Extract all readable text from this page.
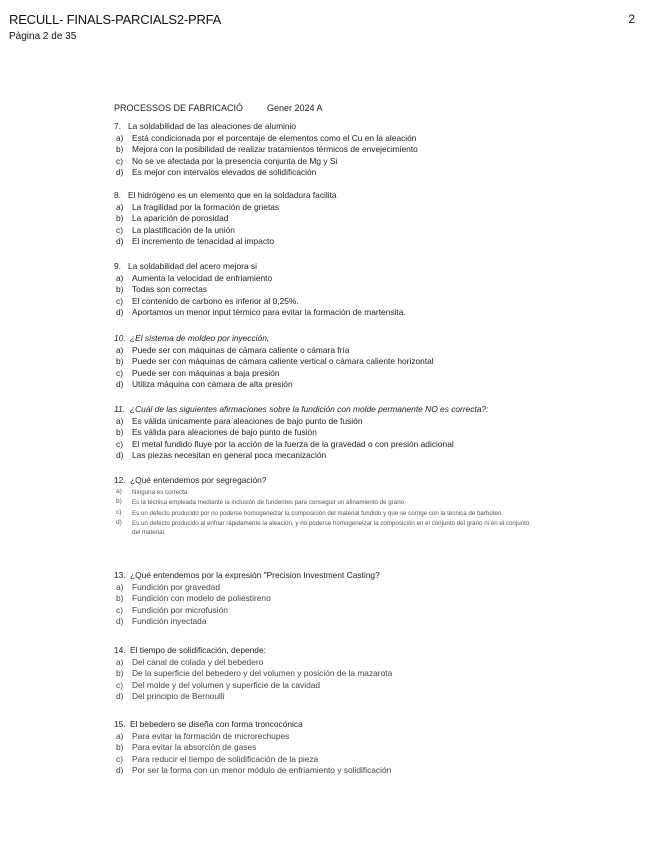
RECULL- FINALS-PARCIALS2-PRFA
Pàgina 2 de 35
2
PROCESSOS DE FABRICACIÓ	Gener 2024 A
7. La soldabilidad de las aleaciones de aluminio
a)	Está condicionada por el porcentaje de elementos como el Cu en la aleación
b)	Mejora con la posibilidad de realizar tratamientos térmicos de envejecimiento
c)	No se ve afectada por la presencia conjunta de Mg y Si
d)	Es mejor con intervalos elevados de solidificación
8. El hidrógeno es un elemento que en la soldadura facilita
a)	La fragilidad por la formación de grietas
b)	La aparición de porosidad
c)	La plastificación de la unión
d)	El incremento de tenacidad al impacto
9. La soldabilidad del acero mejora si
a)	Aumenta la velocidad de enfriamiento
b)	Todas son correctas
c)	El contenido de carbono es inferior al 0,25%.
d)	Aportamos un menor input térmico para evitar la formación de martensita.
10. ¿El sistema de moldeo por inyección,
a)	Puede ser con máquinas de cámara caliente o cámara fría
b)	Puede ser con máquinas de cámara caliente vertical o cámara caliente horizontal
c)	Puede ser con máquinas a baja presión
d)	Utiliza máquina con cámara de alta presión
11. ¿Cuál de las siguientes afirmaciones sobre la fundición con molde permanente NO es correcta?:
a)	Es válida únicamente para aleaciones de bajo punto de fusión
b)	Es válida para aleaciones de bajo punto de fusión
c)	El metal fundido fluye por la acción de la fuerza de la gravedad o con presión adicional
d)	Las piezas necesitan en general poca mecanización
12. ¿Qué entendemos por segregación?
a)	Ninguna es correcta.
b)	Es la técnica empleada mediante la inclusión de fundentes para conseguir un afinamiento de grano.
c)	Es un defecto producido por no poderse homogeneizar la composición del material fundido y que se corrige con la técnica de barboteo.
d)	Es un defecto producido al enfriar rápidamente la aleación, y no poderse homogeneizar la composición en el conjunto del grano ni en el conjunto del material.
13. ¿Qué entendemos por la expresión "Precision Investment Casting?
a)	Fundición por gravedad
b)	Fundición con modelo de poliestireno
c)	Fundición por microfusión
d)	Fundición inyectada
14. El tiempo de solidificación, depende:
a)	Del canal de colada y del bebedero
b)	De la superficie del bebedero y del volumen y posición de la mazarota
c)	Del molde y del volumen y superficie de la cavidad
d)	Del principio de Bernoulli
15. El bebedero se diseña con forma troncocónica
a)	Para evitar la formación de microrechupes
b)	Para evitar la absorción de gases
c)	Para reducir el tiempo de solidificación de la pieza
d)	Por ser la forma con un menor módulo de enfriamiento y solidificación
